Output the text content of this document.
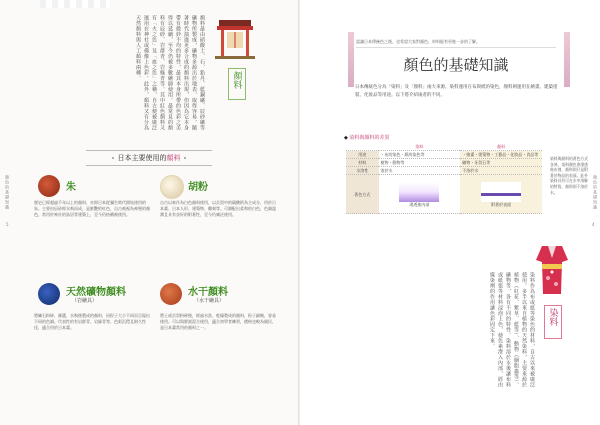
顏色的基礎知識
5
顏料最由硝酸土、石、鉛丹、藍銅礦、辰砂礦等礦物所製成，礦物多源出於地表，取得容易，隨著時代演進更多合成的顏料出現，但因為它本身帶有微妙不均的特性，最其本身所帶的色彩之美得以延續，至今仍被多數繪師使用。最常見的顏料有辰砂、岩群青、岩綠青等。其中紅色顏料又有「火之色」及「血之色」之稱，自古便被廣泛運用在神社或佛像上色彩。此外，顏料又有分為天然顏料與人工顏料兩種。	顏料
日本主要使用的顏料
朱
歷史已經超過千年以上的顏料，亦即日本從彌生時代開始使用的朱。主要由辰砂經水飛而成，是鮮艷的紅色，自古被視為神聖的顏色，常用於神社的鳥居等建築上，至今仍持續被使用。
胡粉
自古以來作為白色顏料使用，以貝殼中的碳酸鈣為主成分，用於日本畫、日本人形、建築物、雕刻等。可調配出柔和的白色，色調溫潤且具有良好的附著性，至今仍廣泛使用。
天然礦物顏料
（岩繪具）
將礦石粉碎、篩選、水飛後製成的顏料，因粒子大小不同而呈現出不同的色調。代表性的有岩群青、岩綠青等，色彩沉穩且耐久性佳，適合用於日本畫。
水干顏料
（水干繪具）
將土或貝殼粉碎後，經過水洗、乾燥製成的顏料，粒子細緻，容易使用。可以與膠液混合使用，適合初學者練習，價格也較為親民，是日本畫常用的顏料之一。
顏色的基礎知識
4
認識日本傳統色之後，也希望大家對顏色、材料能有更進一步的了解。
顏色的基礎知識
日本傳統色分為「染料」及「顏料」兩大來源。染料運用在布與紙的染色，顏料則運用在繪畫、建築塗裝、化妝品等用途。以下將介紹兩者的不同。
◆ 染料與顏料的差異
	染料	顏料
用途	・布的染色・紙的染色等	・繪畫・建築物・工藝品・化妝品・食品等
材料	植物・動物等	礦物・牙殼石等
水溶性	溶於水	不溶於水
著色方式	滲透進內部	附著於表面
染料與顏料的著色方式各異。染料顏色會滲透進布裡，顏料則只是附著於物品的表面。此外染料具有可在水中溶解的特質，顏料則不溶於水。
染料
染料作為布或紙等染色的材料，自古以來被廣泛使用。多半以來自植物的天然染料，主要來源於植物（紅花、紫草、藍等）、動物（胭脂蟲等）、礦物等，各有不同的特性。染料溶於水後讓布料或紙張等材料浸泡上色，使色素滲入內部，經由媒染劑的作用讓色彩固定下來。
